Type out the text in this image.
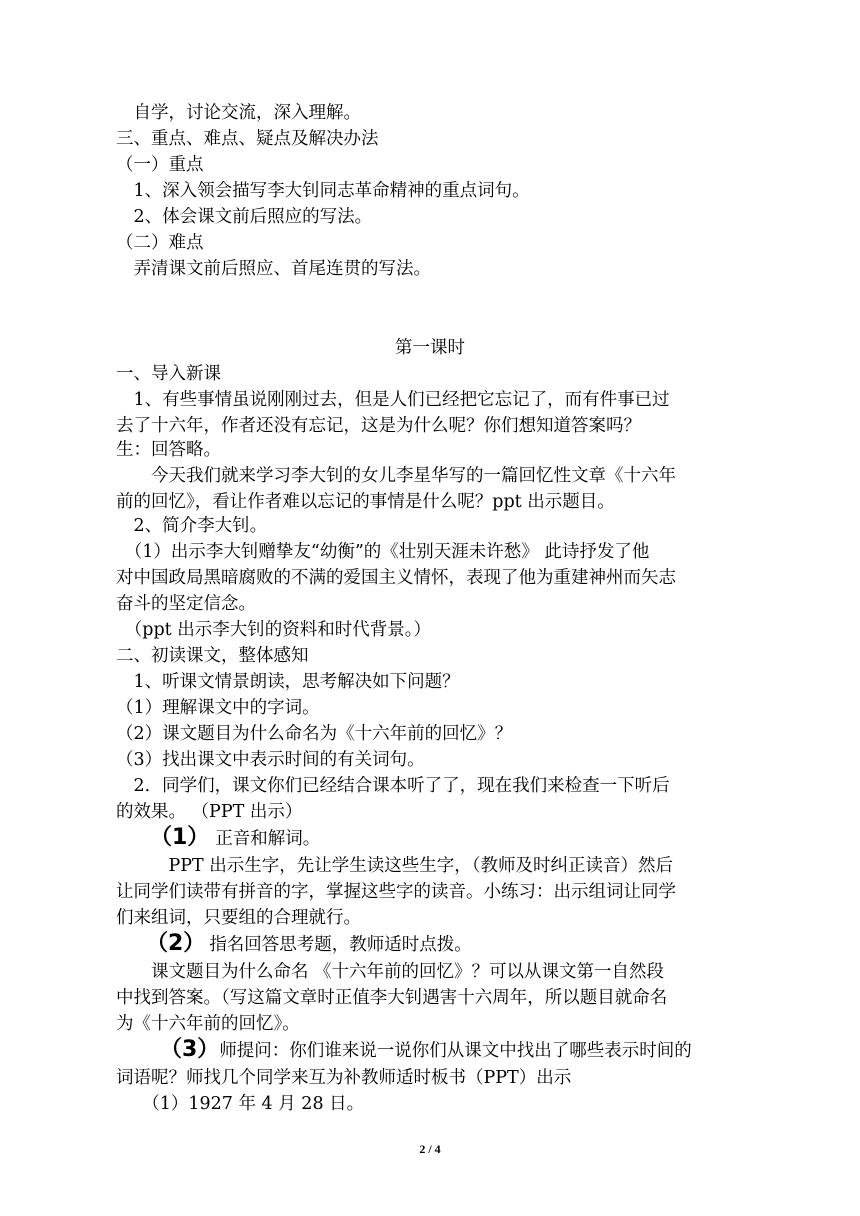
　自学，讨论交流，深入理解。
三、重点、难点、疑点及解决办法
（一）重点
　1、深入领会描写李大钊同志革命精神的重点词句。
　2、体会课文前后照应的写法。
（二）难点
　弄清课文前后照应、首尾连贯的写法。
第一课时
一、导入新课
　1、有些事情虽说刚刚过去，但是人们已经把它忘记了，而有件事已过
去了十六年，作者还没有忘记，这是为什么呢？你们想知道答案吗？
生：回答略。
　　今天我们就来学习李大钊的女儿李星华写的一篇回忆性文章《十六年
前的回忆》，看让作者难以忘记的事情是什么呢？ppt 出示题目。
　2、简介李大钊。
　（1）出示李大钊赠挚友“幼衡”的《壮别天涯未许愁》 此诗抒发了他
对中国政局黑暗腐败的不满的爱国主义情怀，表现了他为重建神州而矢志
奋斗的坚定信念。
　（ppt 出示李大钊的资料和时代背景。）
二、初读课文，整体感知
　1、听课文情景朗读，思考解决如下问题？
（1）理解课文中的字词。
（2）课文题目为什么命名为《十六年前的回忆》？
（3）找出课文中表示时间的有关词句。
　2．同学们，课文你们已经结合课本听了了，现在我们来检查一下听后
的效果。 （PPT 出示）
（1） 正音和解词。
　　　PPT 出示生字，先让学生读这些生字，（教师及时纠正读音）然后
让同学们读带有拼音的字，掌握这些字的读音。小练习：出示组词让同学
们来组词，只要组的合理就行。
（2） 指名回答思考题，教师适时点拨。
　　课文题目为什么命名 《十六年前的回忆》？可以从课文第一自然段
中找到答案。（写这篇文章时正值李大钊遇害十六周年，所以题目就命名
为《十六年前的回忆》。
（3）师提问：你们谁来说一说你们从课文中找出了哪些表示时间的
词语呢？师找几个同学来互为补教师适时板书（PPT）出示
　　（1）1927 年 4 月 28 日。
2 / 4
